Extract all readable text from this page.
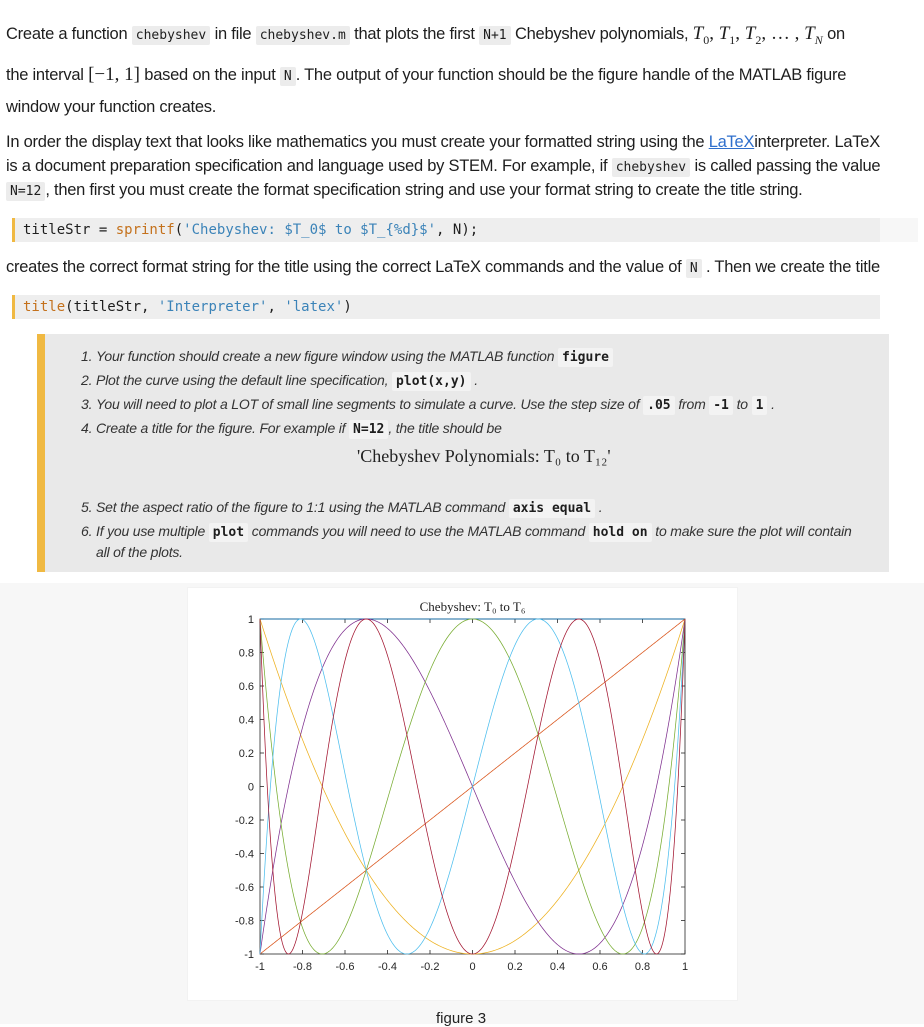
Create a function chebyshev in file chebyshev.m that plots the first N+1 Chebyshev polynomials, $T_0$, $T_1$, $T_2$, … , $T_N$ on
the interval [−1, 1] based on the input N . The output of your function should be the figure handle of the MATLAB figure
window your function creates.
In order the display text that looks like mathematics you must create your formatted string using the LaTeXinterpreter. LaTeX
is a document preparation specification and language used by STEM. For example, if chebyshev is called passing the value
N=12 , then first you must create the format specification string and use your format string to create the title string.
titleStr = sprintf('Chebyshev: $T_0$ to $T_{%d}$', N);
creates the correct format string for the title using the correct LaTeX commands and the value of N . Then we create the title
title(titleStr, 'Interpreter', 'latex')
1. Your function should create a new figure window using the MATLAB function figure
2. Plot the curve using the default line specification, plot(x,y) .
3. You will need to plot a LOT of small line segments to simulate a curve. Use the step size of .05 from -1 to 1 .
4. Create a title for the figure. For example if N=12 , the title should be
'Chebyshev Polynomials: T₀ to T₁₂'
5. Set the aspect ratio of the figure to 1:1 using the MATLAB command axis equal .
6. If you use multiple plot commands you will need to use the MATLAB command hold on to make sure the plot will contain
all of the plots.
-1	-0.8 -0.6 -0.4 -0.2	0	0.2 0.4 0.6 0.8	1
1
0.8
0.6
0.4
0.2
0
-0.2
-0.4
-0.6
-0.8
-1
Chebyshev: T₀ to T₆
figure 3
